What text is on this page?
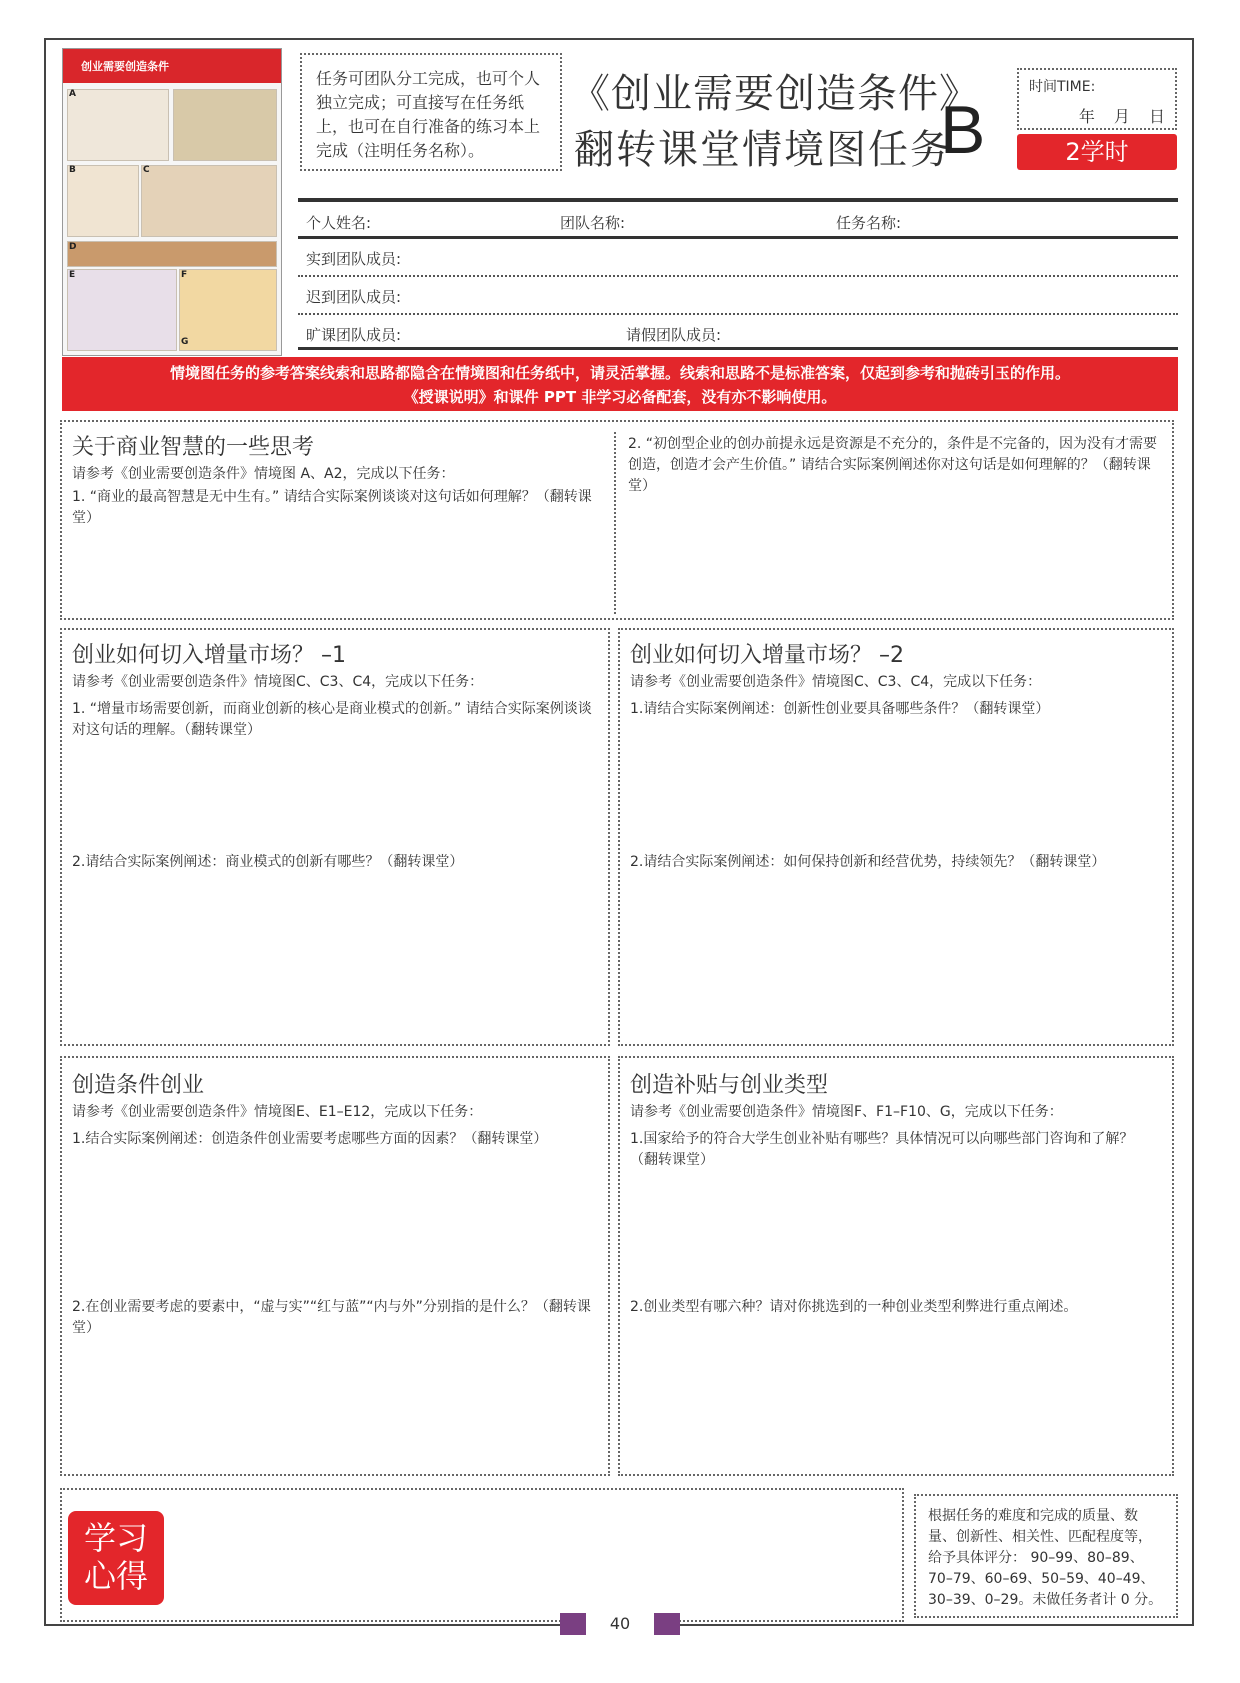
创业需要创造条件
A
B	C
D
E	F
G
任务可团队分工完成，也可个人独立完成；可直接写在任务纸上，也可在自行准备的练习本上完成（注明任务名称）。
《创业需要创造条件》
翻转课堂情境图任务
B
时间TIME:
年 月 日
2学时
个人姓名:	团队名称:	任务名称:
实到团队成员:
迟到团队成员:
旷课团队成员:	请假团队成员:
情境图任务的参考答案线索和思路都隐含在情境图和任务纸中，请灵活掌握。线索和思路不是标准答案，仅起到参考和抛砖引玉的作用。
《授课说明》和课件 PPT 非学习必备配套，没有亦不影响使用。
关于商业智慧的一些思考
请参考《创业需要创造条件》情境图 A、A2，完成以下任务：
1. “商业的最高智慧是无中生有。” 请结合实际案例谈谈对这句话如何理解？（翻转课堂）
2. “初创型企业的创办前提永远是资源是不充分的，条件是不完备的，因为没有才需要创造，创造才会产生价值。” 请结合实际案例阐述你对这句话是如何理解的？（翻转课堂）
创业如何切入增量市场？ –1
请参考《创业需要创造条件》情境图C、C3、C4，完成以下任务：
1. “增量市场需要创新，而商业创新的核心是商业模式的创新。” 请结合实际案例谈谈对这句话的理解。（翻转课堂）
2.请结合实际案例阐述：商业模式的创新有哪些？（翻转课堂）
创业如何切入增量市场？ –2
请参考《创业需要创造条件》情境图C、C3、C4，完成以下任务：
1.请结合实际案例阐述：创新性创业要具备哪些条件？（翻转课堂）
2.请结合实际案例阐述：如何保持创新和经营优势，持续领先？（翻转课堂）
创造条件创业
请参考《创业需要创造条件》情境图E、E1–E12，完成以下任务：
1.结合实际案例阐述：创造条件创业需要考虑哪些方面的因素？（翻转课堂）
2.在创业需要考虑的要素中，“虚与实”“红与蓝”“内与外”分别指的是什么？（翻转课堂）
创造补贴与创业类型
请参考《创业需要创造条件》情境图F、F1–F10、G，完成以下任务：
1.国家给予的符合大学生创业补贴有哪些？具体情况可以向哪些部门咨询和了解？（翻转课堂）
2.创业类型有哪六种？请对你挑选到的一种创业类型利弊进行重点阐述。
学习
心得
根据任务的难度和完成的质量、数量、创新性、相关性、匹配程度等，给予具体评分： 90–99、80–89、70–79、60–69、50–59、40–49、30–39、0–29。未做任务者计 0 分。
40
